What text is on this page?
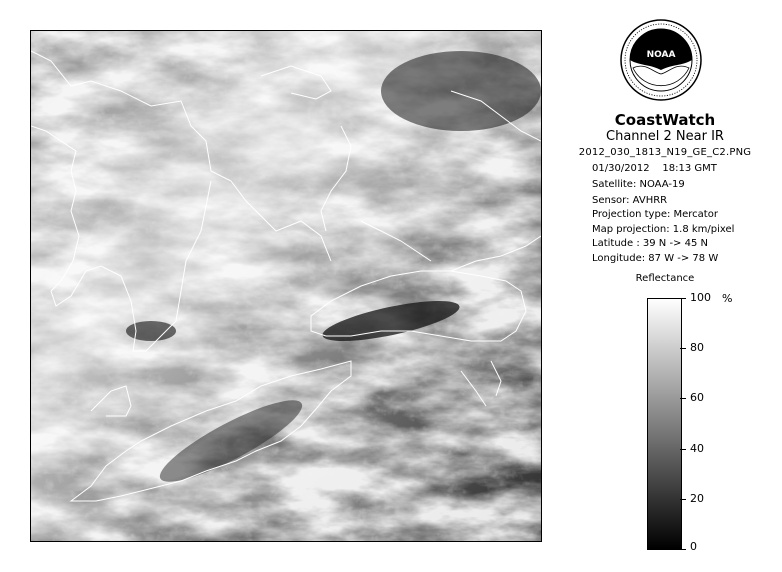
NOAA
CoastWatch
Channel 2 Near IR
2012_030_1813_N19_GE_C2.PNG
01/30/2012 18:13 GMT
Satellite: NOAA-19
Sensor: AVHRR
Projection type: Mercator
Map projection: 1.8 km/pixel
Latitude : 39 N -> 45 N
Longitude: 87 W -> 78 W
Reflectance
%
100
80
60
40
20
0
